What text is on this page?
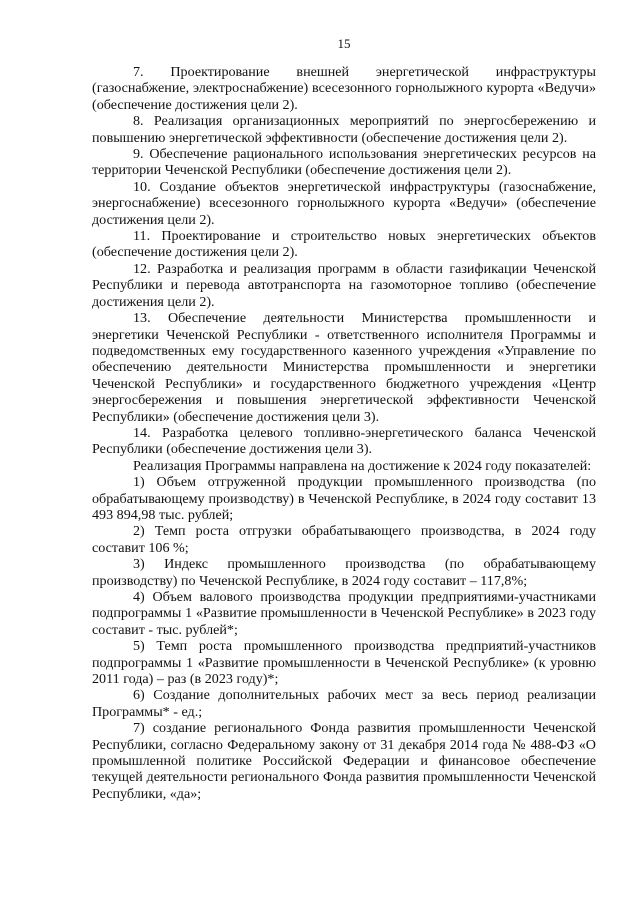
15

7. Проектирование внешней энергетической инфраструктуры (газоснабжение, электроснабжение) всесезонного горнолыжного курорта «Ведучи» (обеспечение достижения цели 2).

8. Реализация организационных мероприятий по энергосбережению и повышению энергетической эффективности (обеспечение достижения цели 2).

9. Обеспечение рационального использования энергетических ресурсов на территории Чеченской Республики (обеспечение достижения цели 2).

10. Создание объектов энергетической инфраструктуры (газоснабжение, энергоснабжение) всесезонного горнолыжного курорта «Ведучи» (обеспечение достижения цели 2).

11. Проектирование и строительство новых энергетических объектов (обеспечение достижения цели 2).

12. Разработка и реализация программ в области газификации Чеченской Республики и перевода автотранспорта на газомоторное топливо (обеспечение достижения цели 2).

13. Обеспечение деятельности Министерства промышленности и энергетики Чеченской Республики - ответственного исполнителя Программы и подведомственных ему государственного казенного учреждения «Управление по обеспечению деятельности Министерства промышленности и энергетики Чеченской Республики» и государственного бюджетного учреждения «Центр энергосбережения и повышения энергетической эффективности Чеченской Республики» (обеспечение достижения цели 3).

14. Разработка целевого топливно-энергетического баланса Чеченской Республики (обеспечение достижения цели 3).

Реализация Программы направлена на достижение к 2024 году показателей:

1) Объем отгруженной продукции промышленного производства (по обрабатывающему производству) в Чеченской Республике, в 2024 году составит 13 493 894,98 тыс. рублей;

2) Темп роста отгрузки обрабатывающего производства, в 2024 году составит 106 %;

3) Индекс промышленного производства (по обрабатывающему производству) по Чеченской Республике, в 2024 году составит – 117,8%;

4) Объем валового производства продукции предприятиями-участниками подпрограммы 1 «Развитие промышленности в Чеченской Республике» в 2023 году составит - тыс. рублей*;

5) Темп роста промышленного производства предприятий-участников подпрограммы 1 «Развитие промышленности в Чеченской Республике» (к уровню 2011 года) – раз (в 2023 году)*;

6) Создание дополнительных рабочих мест за весь период реализации Программы* - ед.;

7) создание регионального Фонда развития промышленности Чеченской Республики, согласно Федеральному закону от 31 декабря 2014 года № 488-ФЗ «О промышленной политике Российской Федерации и финансовое обеспечение текущей деятельности регионального Фонда развития промышленности Чеченской Республики, «да»;
